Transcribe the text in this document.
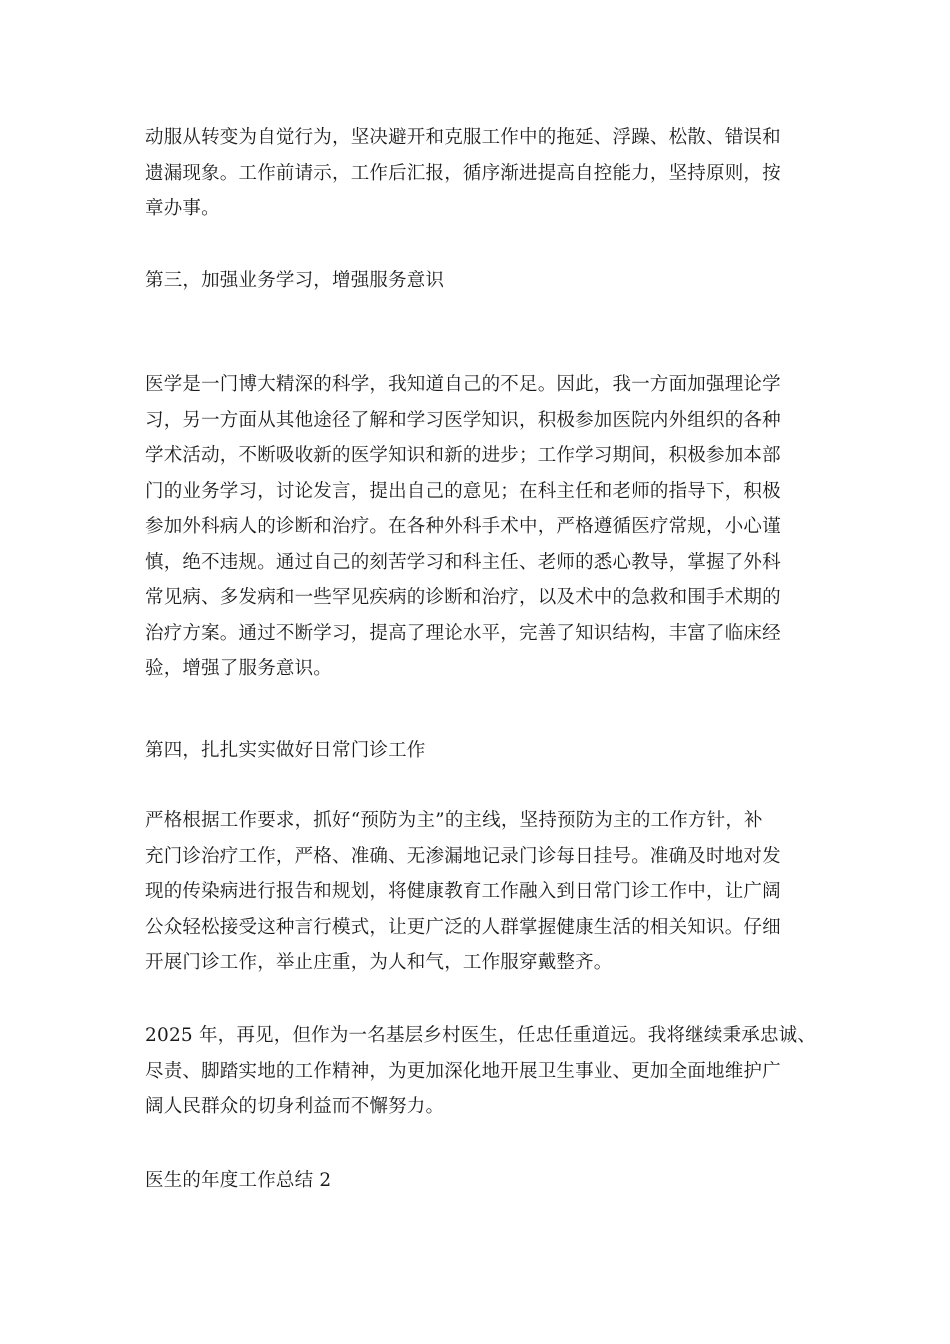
动服从转变为自觉行为，坚决避开和克服工作中的拖延、浮躁、松散、错误和
遗漏现象。工作前请示，工作后汇报，循序渐进提高自控能力，坚持原则，按
章办事。
第三，加强业务学习，增强服务意识
医学是一门博大精深的科学，我知道自己的不足。因此，我一方面加强理论学
习，另一方面从其他途径了解和学习医学知识，积极参加医院内外组织的各种
学术活动，不断吸收新的医学知识和新的进步；工作学习期间，积极参加本部
门的业务学习，讨论发言，提出自己的意见；在科主任和老师的指导下，积极
参加外科病人的诊断和治疗。在各种外科手术中，严格遵循医疗常规，小心谨
慎，绝不违规。通过自己的刻苦学习和科主任、老师的悉心教导，掌握了外科
常见病、多发病和一些罕见疾病的诊断和治疗，以及术中的急救和围手术期的
治疗方案。通过不断学习，提高了理论水平，完善了知识结构，丰富了临床经
验，增强了服务意识。
第四，扎扎实实做好日常门诊工作
严格根据工作要求，抓好“预防为主”的主线，坚持预防为主的工作方针，补
充门诊治疗工作，严格、准确、无渗漏地记录门诊每日挂号。准确及时地对发
现的传染病进行报告和规划，将健康教育工作融入到日常门诊工作中，让广阔
公众轻松接受这种言行模式，让更广泛的人群掌握健康生活的相关知识。仔细
开展门诊工作，举止庄重，为人和气，工作服穿戴整齐。
2025 年，再见，但作为一名基层乡村医生，任忠任重道远。我将继续秉承忠诚、
尽责、脚踏实地的工作精神，为更加深化地开展卫生事业、更加全面地维护广
阔人民群众的切身利益而不懈努力。
医生的年度工作总结 2
